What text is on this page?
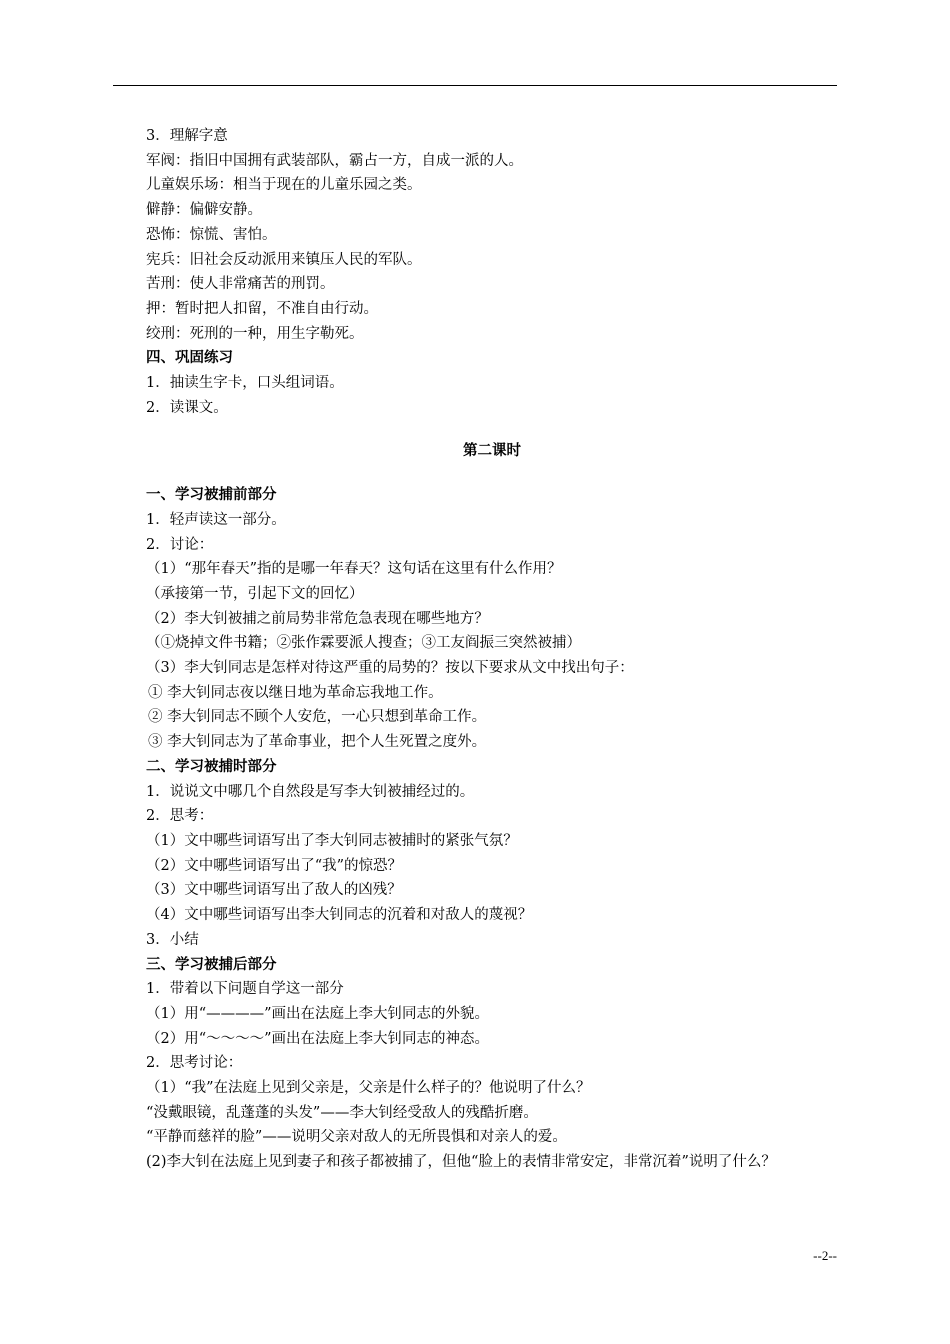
3．理解字意
军阀：指旧中国拥有武装部队，霸占一方，自成一派的人。
儿童娱乐场：相当于现在的儿童乐园之类。
僻静：偏僻安静。
恐怖：惊慌、害怕。
宪兵：旧社会反动派用来镇压人民的军队。
苦刑：使人非常痛苦的刑罚。
押：暂时把人扣留，不准自由行动。
绞刑：死刑的一种，用生字勒死。
四、巩固练习
1．抽读生字卡，口头组词语。
2．读课文。
第二课时
一、学习被捕前部分
1．轻声读这一部分。
2．讨论：
（1）“那年春天”指的是哪一年春天？这句话在这里有什么作用？
（承接第一节，引起下文的回忆）
（2）李大钊被捕之前局势非常危急表现在哪些地方？
（①烧掉文件书籍；②张作霖要派人搜查；③工友阎振三突然被捕）
（3）李大钊同志是怎样对待这严重的局势的？按以下要求从文中找出句子：
① 李大钊同志夜以继日地为革命忘我地工作。
② 李大钊同志不顾个人安危，一心只想到革命工作。
③ 李大钊同志为了革命事业，把个人生死置之度外。
二、学习被捕时部分
1．说说文中哪几个自然段是写李大钊被捕经过的。
2．思考：
（1）文中哪些词语写出了李大钊同志被捕时的紧张气氛？
（2）文中哪些词语写出了“我”的惊恐？
（3）文中哪些词语写出了敌人的凶残？
（4）文中哪些词语写出李大钊同志的沉着和对敌人的蔑视？
3．小结
三、学习被捕后部分
1．带着以下问题自学这一部分
（1）用“————”画出在法庭上李大钊同志的外貌。
（2）用“～～～～”画出在法庭上李大钊同志的神态。
2．思考讨论：
（1）“我”在法庭上见到父亲是，父亲是什么样子的？他说明了什么？
“没戴眼镜，乱蓬蓬的头发”——李大钊经受敌人的残酷折磨。
“平静而慈祥的脸”——说明父亲对敌人的无所畏惧和对亲人的爱。
(2)李大钊在法庭上见到妻子和孩子都被捕了，但他“脸上的表情非常安定，非常沉着”说明了什么？
--2--
